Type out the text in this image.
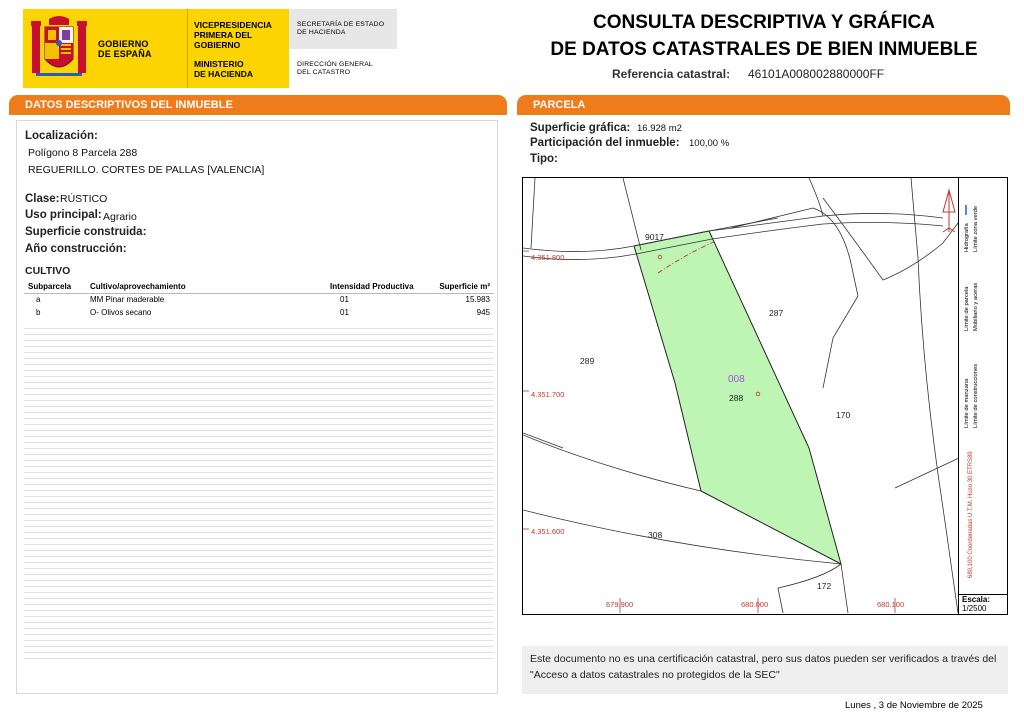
GOBIERNO
DE ESPAÑA
VICEPRESIDENCIA
PRIMERA DEL GOBIERNO
MINISTERIO
DE HACIENDA
SECRETARÍA DE ESTADO
DE HACIENDA
DIRECCIÓN GENERAL
DEL CATASTRO
CONSULTA DESCRIPTIVA Y GRÁFICA
DE DATOS CATASTRALES DE BIEN INMUEBLE
Referencia catastral: 46101A008002880000FF
DATOS DESCRIPTIVOS DEL INMUEBLE
Localización:
Polígono 8 Parcela 288
REGUERILLO. CORTES DE PALLAS [VALENCIA]
Clase: RÚSTICO
Uso principal: Agrario
Superficie construida:
Año construcción:
CULTIVO
Subparcela	Cultivo/aprovechamiento	Intensidad Productiva	Superficie m²
a	MM Pinar maderable	01	15.983
b	O- Olivos secano	01	945
PARCELA
Superficie gráfica: 16.928 m2
Participación del inmueble: 100,00 %
Tipo:
9017
287
289
008
288
170
308
172
4.351.800
4.351.700
4.351.600
679.900	680.000	680.100
Hidrografía Límite zona verde
Límite de parcela Mobiliario y aceras
Límite de manzana Límite de construcciones
680,100 Coordenadas U.T.M. Huso 30 ETRS89
Escala:
1/2500
Este documento no es una certificación catastral, pero sus datos pueden ser verificados a través del "Acceso a datos catastrales no protegidos de la SEC"
Lunes , 3 de Noviembre de 2025
